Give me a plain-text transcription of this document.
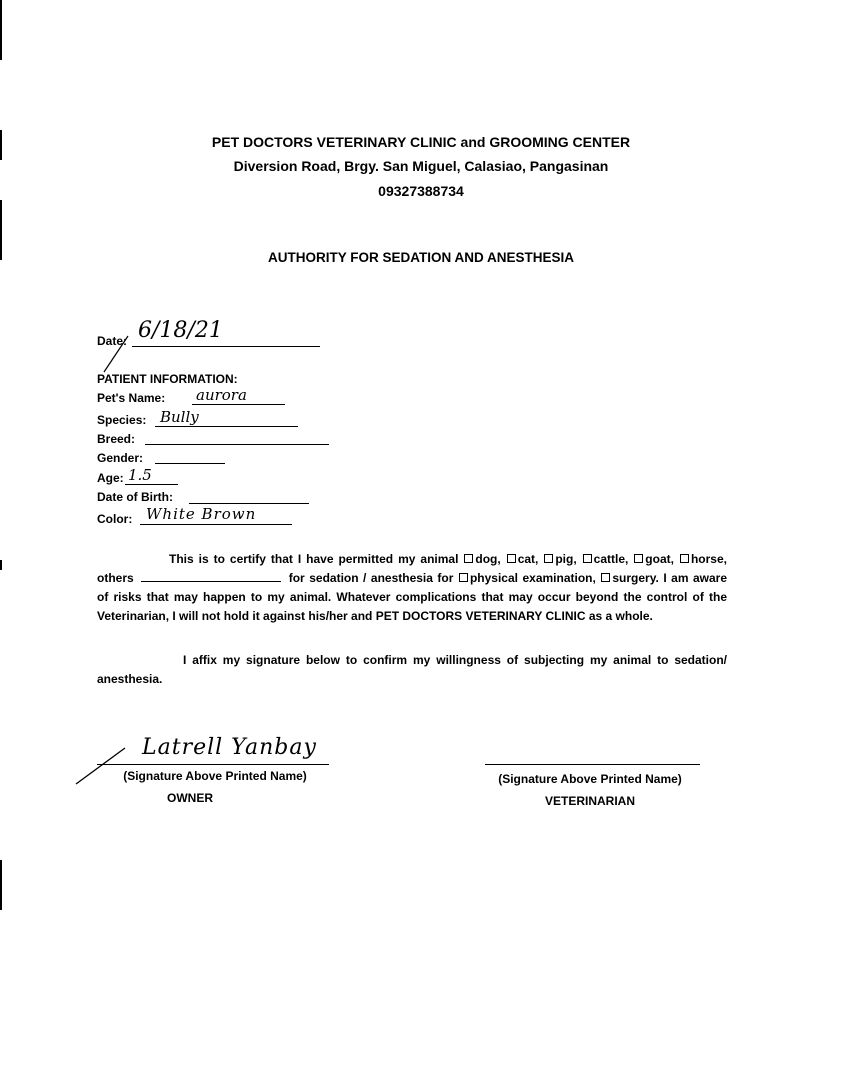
PET DOCTORS VETERINARY CLINIC and GROOMING CENTER
Diversion Road, Brgy. San Miguel, Calasiao, Pangasinan
09327388734
AUTHORITY FOR SEDATION AND ANESTHESIA
Date: 6/18/21
PATIENT INFORMATION:
Pet's Name: aurora
Species: Bully
Breed:
Gender:
Age: 1.5
Date of Birth:
Color: White Brown
This is to certify that I have permitted my animal dog, cat, pig, cattle, goat, horse, others	for sedation / anesthesia for physical examination, surgery. I am aware of risks that may happen to my animal. Whatever complications that may occur beyond the control of the Veterinarian, I will not hold it against his/her and PET DOCTORS VETERINARY CLINIC as a whole.
I affix my signature below to confirm my willingness of subjecting my animal to sedation/ anesthesia.
Latrell Yanbay
(Signature Above Printed Name)
OWNER
(Signature Above Printed Name)
VETERINARIAN
